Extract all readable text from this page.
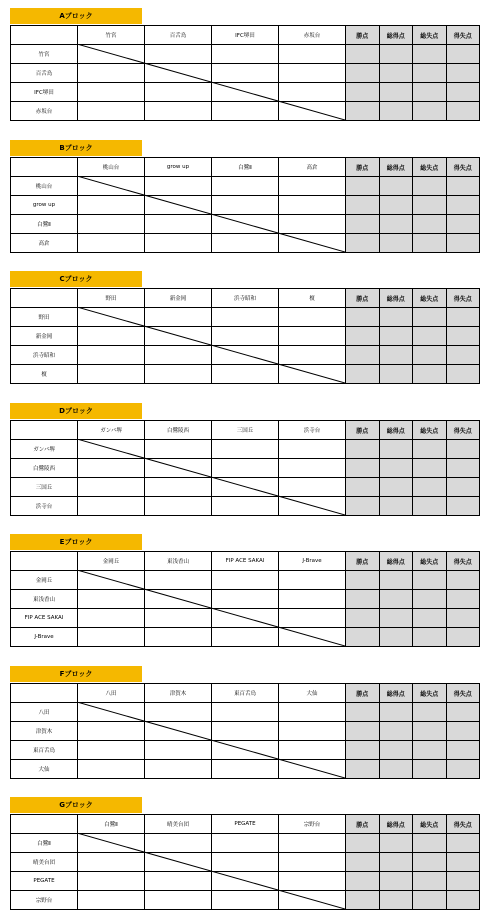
Aブロック
	竹宮	百舌鳥	IFC堺田	赤坂台	勝点	総得点	総失点	得失点
竹宮								
百舌鳥								
IFC堺田								
赤坂台								
Bブロック
	桃山台	grow up	白鷺Ⅱ	高倉	勝点	総得点	総失点	得失点
桃山台								
grow up								
白鷺Ⅱ								
高倉								
Cブロック
	野田	新金岡	浜寺昭和	榎	勝点	総得点	総失点	得失点
野田								
新金岡								
浜寺昭和								
榎								
Dブロック
	ガンバ堺	白鷺陵西	三国丘	浜寺台	勝点	総得点	総失点	得失点
ガンバ堺								
白鷺陵西								
三国丘								
浜寺台								
Eブロック
	金岡丘	東浅香山	FIP ACE SAKAI	J-Brave	勝点	総得点	総失点	得失点
金岡丘								
東浅香山								
FIP ACE SAKAI								
J-Brave								
Fブロック
	八田	津賀木	東百舌鳥	大仙	勝点	総得点	総失点	得失点
八田								
津賀木								
東百舌鳥								
大仙								
Gブロック
	白鷺Ⅱ	晴美台団	PEGATE	宗野台	勝点	総得点	総失点	得失点
白鷺Ⅱ								
晴美台団								
PEGATE								
宗野台								
